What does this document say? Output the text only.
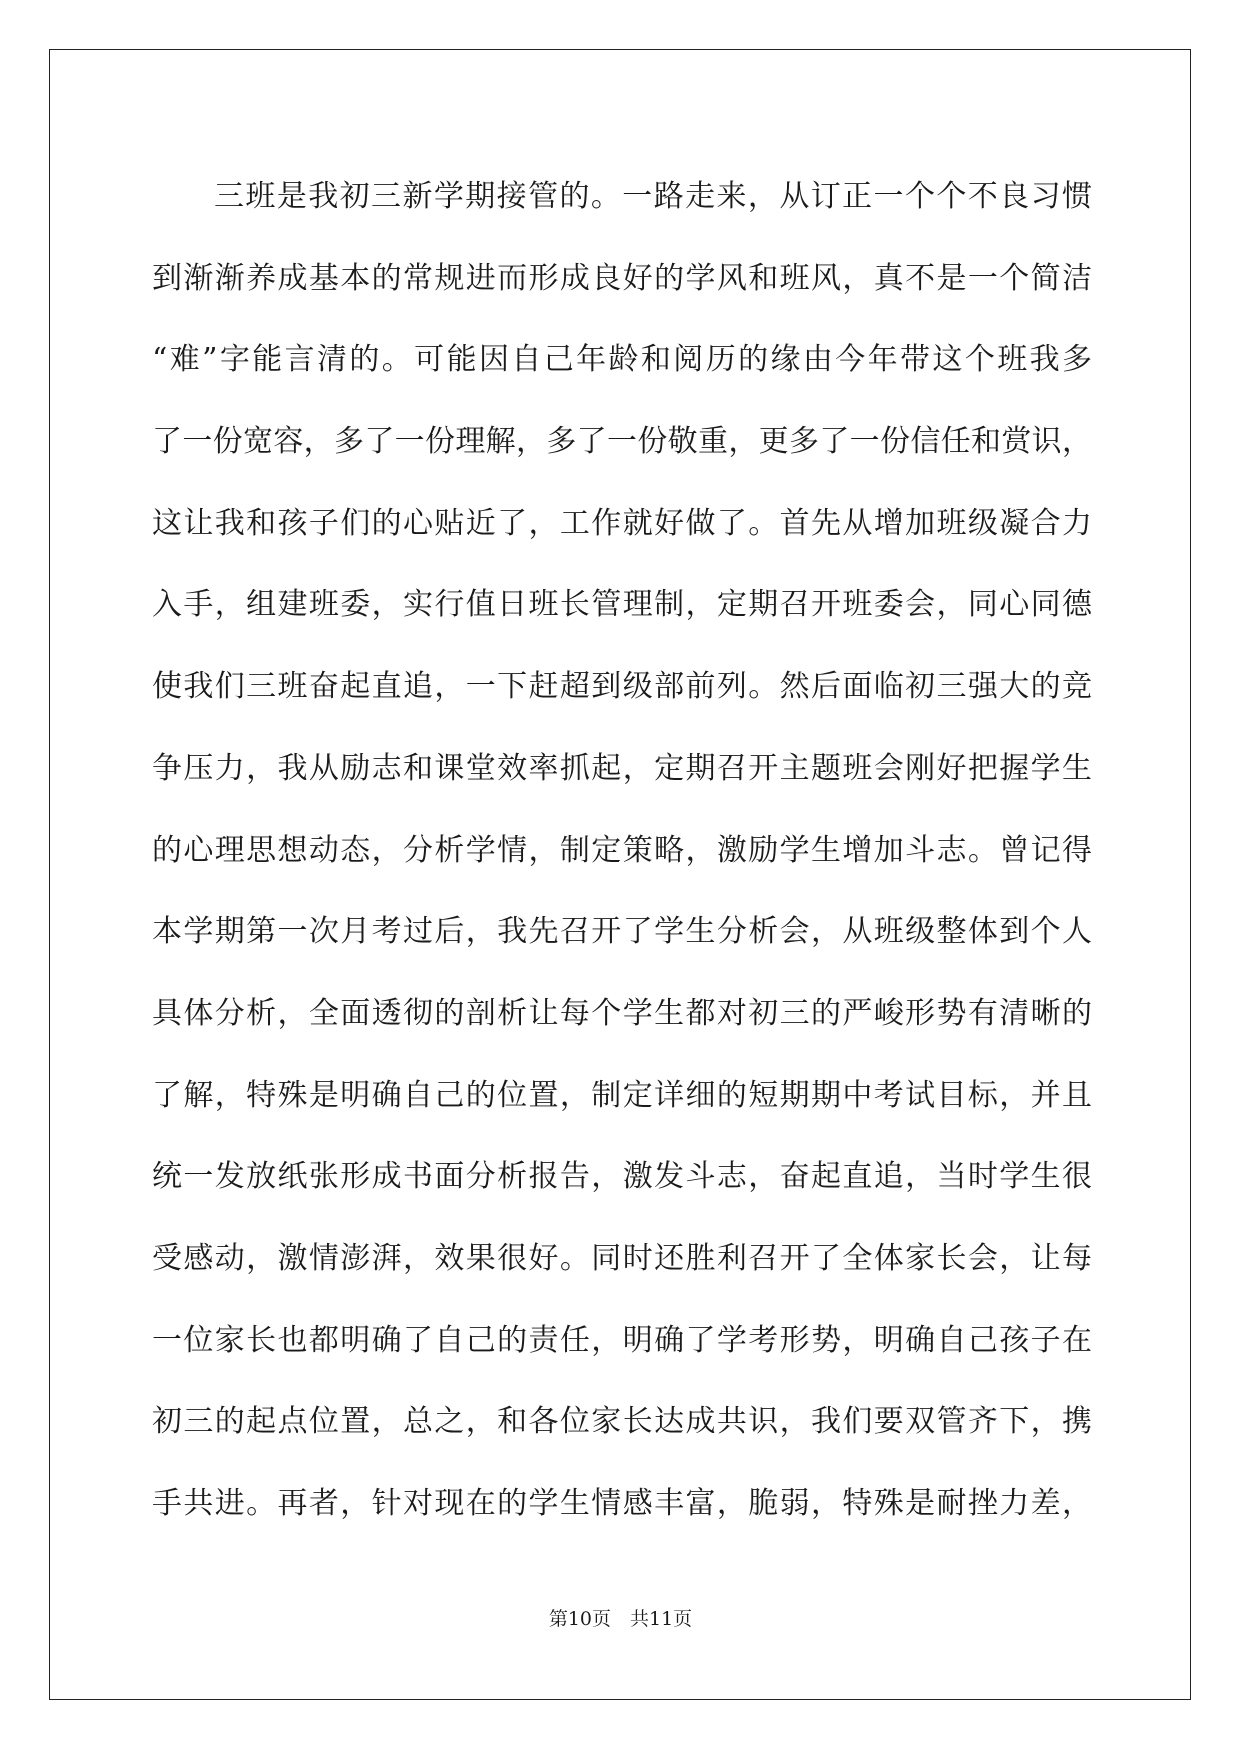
三班是我初三新学期接管的。一路走来，从订正一个个不良习惯
到渐渐养成基本的常规进而形成良好的学风和班风，真不是一个简洁
“难”字能言清的。可能因自己年龄和阅历的缘由今年带这个班我多
了一份宽容，多了一份理解，多了一份敬重，更多了一份信任和赏识，
这让我和孩子们的心贴近了，工作就好做了。首先从增加班级凝合力
入手，组建班委，实行值日班长管理制，定期召开班委会，同心同德
使我们三班奋起直追，一下赶超到级部前列。然后面临初三强大的竞
争压力，我从励志和课堂效率抓起，定期召开主题班会刚好把握学生
的心理思想动态，分析学情，制定策略，激励学生增加斗志。曾记得
本学期第一次月考过后，我先召开了学生分析会，从班级整体到个人
具体分析，全面透彻的剖析让每个学生都对初三的严峻形势有清晰的
了解，特殊是明确自己的位置，制定详细的短期期中考试目标，并且
统一发放纸张形成书面分析报告，激发斗志，奋起直追，当时学生很
受感动，激情澎湃，效果很好。同时还胜利召开了全体家长会，让每
一位家长也都明确了自己的责任，明确了学考形势，明确自己孩子在
初三的起点位置，总之，和各位家长达成共识，我们要双管齐下，携
手共进。再者，针对现在的学生情感丰富，脆弱，特殊是耐挫力差，
第10页　共11页
